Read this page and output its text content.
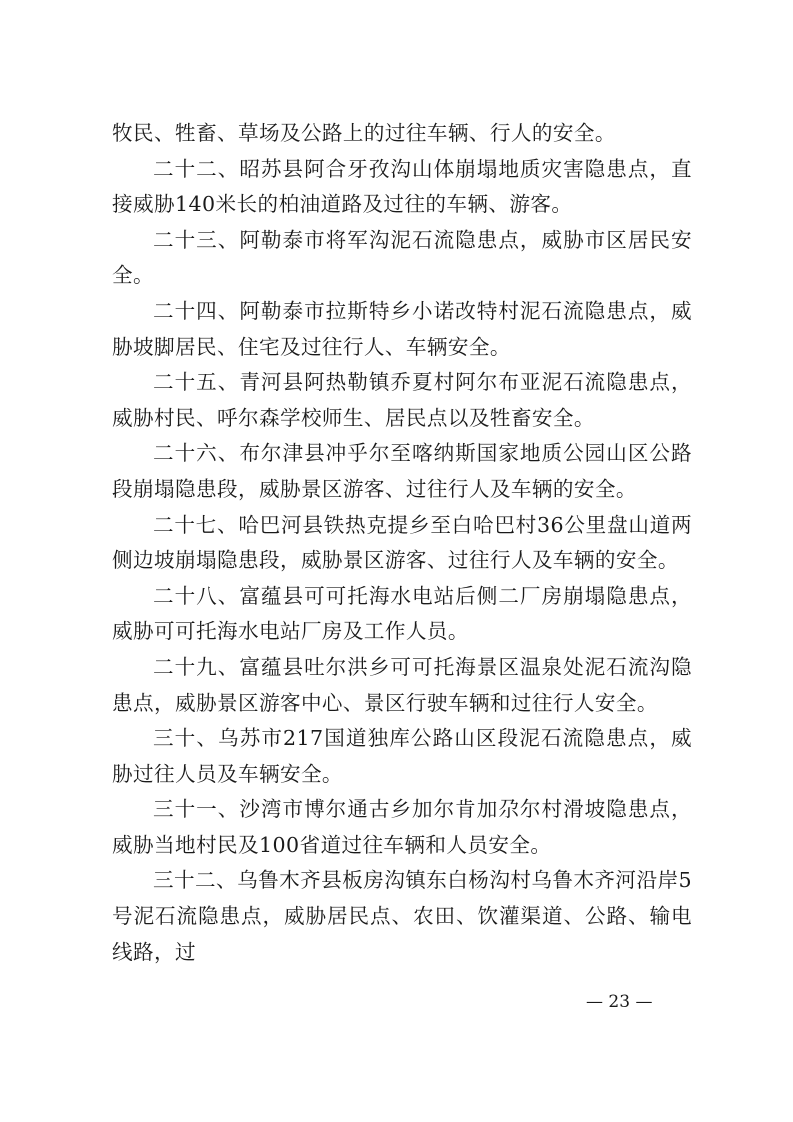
牧民、牲畜、草场及公路上的过往车辆、行人的安全。

二十二、昭苏县阿合牙孜沟山体崩塌地质灾害隐患点，直接威胁140米长的柏油道路及过往的车辆、游客。

二十三、阿勒泰市将军沟泥石流隐患点，威胁市区居民安全。

二十四、阿勒泰市拉斯特乡小诺改特村泥石流隐患点，威胁坡脚居民、住宅及过往行人、车辆安全。

二十五、青河县阿热勒镇乔夏村阿尔布亚泥石流隐患点，威胁村民、呼尔森学校师生、居民点以及牲畜安全。

二十六、布尔津县冲乎尔至喀纳斯国家地质公园山区公路段崩塌隐患段，威胁景区游客、过往行人及车辆的安全。

二十七、哈巴河县铁热克提乡至白哈巴村36公里盘山道两侧边坡崩塌隐患段，威胁景区游客、过往行人及车辆的安全。

二十八、富蕴县可可托海水电站后侧二厂房崩塌隐患点，威胁可可托海水电站厂房及工作人员。

二十九、富蕴县吐尔洪乡可可托海景区温泉处泥石流沟隐患点，威胁景区游客中心、景区行驶车辆和过往行人安全。

三十、乌苏市217国道独库公路山区段泥石流隐患点，威胁过往人员及车辆安全。

三十一、沙湾市博尔通古乡加尔肯加尕尔村滑坡隐患点，威胁当地村民及100省道过往车辆和人员安全。

三十二、乌鲁木齐县板房沟镇东白杨沟村乌鲁木齐河沿岸5号泥石流隐患点，威胁居民点、农田、饮灌渠道、公路、输电线路，过

— 23 —
